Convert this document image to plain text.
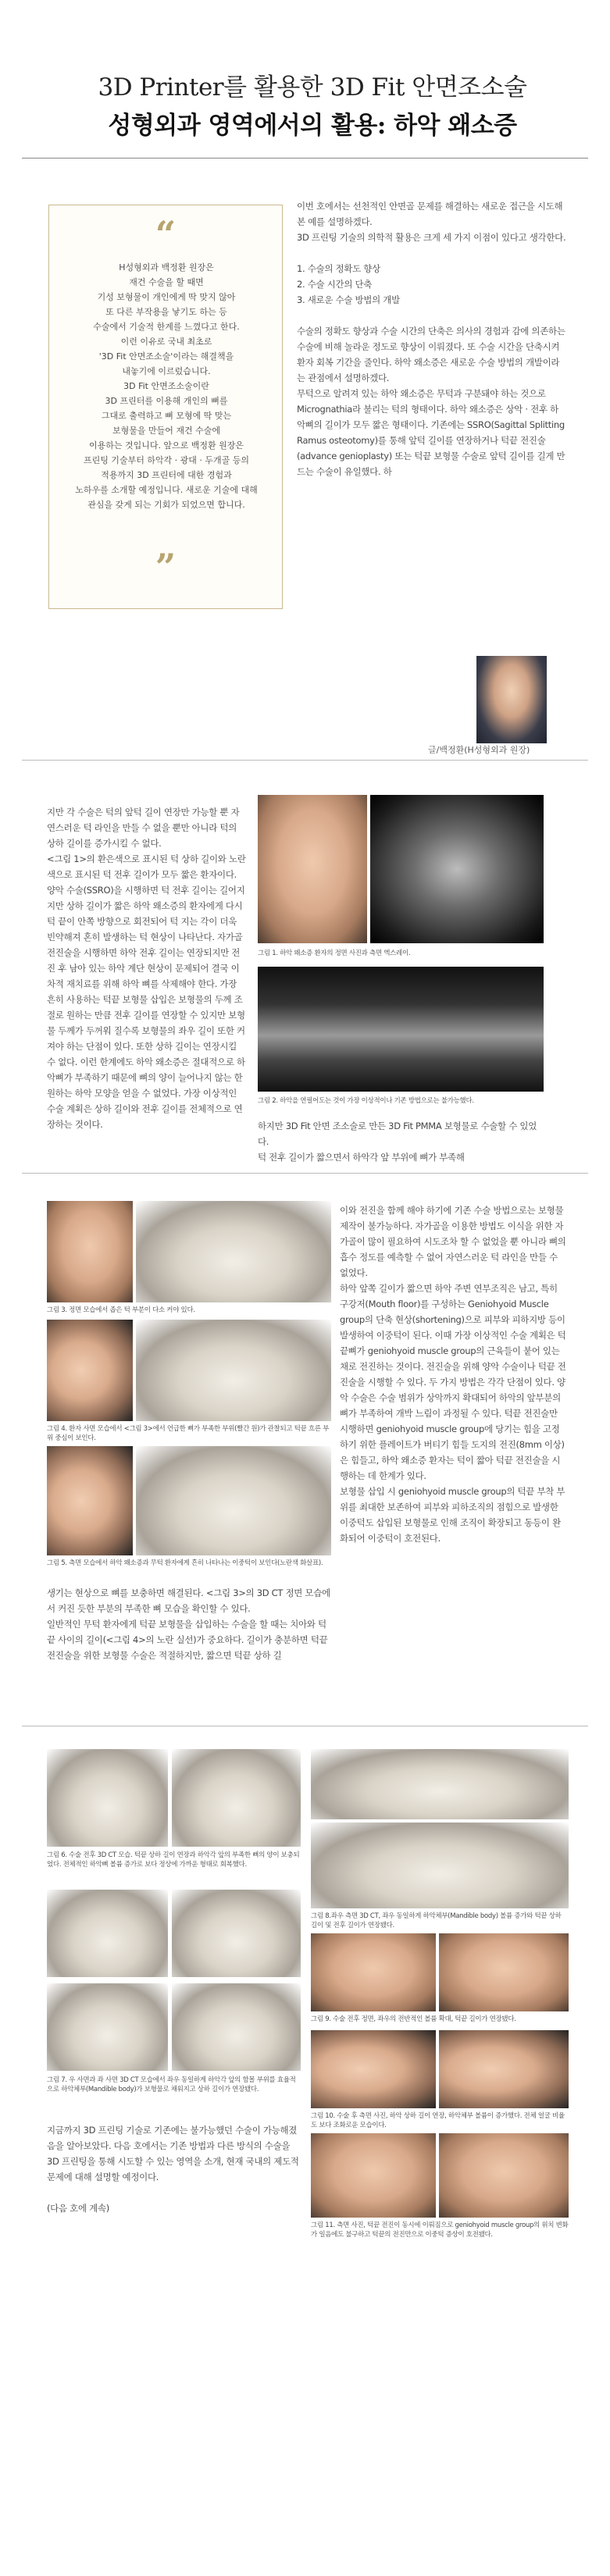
3D Printer를 활용한 3D Fit 안면조소술
성형외과 영역에서의 활용: 하악 왜소증
“
H성형외과 백정환 원장은
재건 수술을 할 때면
기성 보형물이 개인에게 딱 맞지 않아
또 다른 부작용을 낳기도 하는 등
수술에서 기술적 한계를 느꼈다고 한다.
이런 이유로 국내 최초로
'3D Fit 안면조소술'이라는 해결책을
내놓기에 이르렀습니다.
3D Fit 안면조소술이란
3D 프린터를 이용해 개인의 뼈를
그대로 출력하고 뼈 모형에 딱 맞는
보형물을 만들어 재건 수술에
이용하는 것입니다. 앞으로 백정환 원장은
프린팅 기술부터 하악각 · 광대 · 두개골 등의
적용까지 3D 프린터에 대한 경험과
노하우를 소개할 예정입니다. 새로운 기술에 대해
관심을 갖게 되는 기회가 되었으면 합니다.
”

이번 호에서는 선천적인 안면골 문제를 해결하는 새로운 접근을 시도해 본 예를 설명하겠다.

3D 프린팅 기술의 의학적 활용은 크게 세 가지 이점이 있다고 생각한다.

1. 수술의 정확도 향상
2. 수술 시간의 단축
3. 새로운 수술 방법의 개발

수술의 정확도 향상과 수술 시간의 단축은 의사의 경험과 감에 의존하는 수술에 비해 놀라운 정도로 향상이 이뤄졌다. 또 수술 시간을 단축시켜 환자 회복 기간을 줄인다. 하악 왜소증은 새로운 수술 방법의 개발이라는 관점에서 설명하겠다.

무턱으로 알려져 있는 하악 왜소증은 무턱과 구분돼야 하는 것으로 Micrognathia라 불리는 턱의 형태이다. 하악 왜소증은 상악 · 전후 하악뼈의 길이가 모두 짧은 형태이다. 기존에는 SSRO(Sagittal Splitting Ramus osteotomy)를 통해 앞턱 길이를 연장하거나 턱끝 전진술(advance genioplasty) 또는 턱끝 보형물 수술로 앞턱 길이를 길게 만드는 수술이 유일했다. 하

글/백정환(H성형외과 원장)

지만 각 수술은 턱의 앞턱 길이 연장만 가능할 뿐 자연스러운 턱 라인을 만들 수 없을 뿐만 아니라 턱의 상하 길이를 증가시킬 수 없다.

<그림 1>의 환은색으로 표시된 턱 상하 길이와 노란색으로 표시된 턱 전후 길이가 모두 짧은 환자이다. 양악 수술(SSRO)을 시행하면 턱 전후 길이는 길어지지만 상하 길이가 짧은 하악 왜소증의 환자에게 다시 턱 끝이 안쪽 방향으로 회전되어 턱 지는 각이 더욱 빈약해져 혼히 발생하는 턱 현상이 나타난다. 자가골 전진술을 시행하면 하악 전후 길이는 연장되지만 전진 후 남아 있는 하악 계단 현상이 문제되어 결국 이차적 재치료를 위해 하악 뼈를 삭제해야 한다. 가장 흔히 사용하는 턱끝 보형물 삽입은 보형물의 두께 조절로 원하는 만큼 전후 길이를 연장할 수 있지만 보형물 두께가 두꺼워 질수록 보형물의 좌우 길이 또한 커져야 하는 단점이 있다. 또한 상하 길이는 연장시킬 수 없다. 이런 한계에도 하악 왜소증은 절대적으로 하악뼈가 부족하기 때문에 뼈의 양이 늘어나지 않는 한 원하는 하악 모양을 얻을 수 없었다. 가장 이상적인 수술 계획은 상하 길이와 전후 길이를 전체적으로 연장하는 것이다.

그림 1. 하악 왜소증 환자의 정면 사진과 측면 엑스레이.
그림 2. 하악을 연필어도는 것이 가장 이상적이나 기존 방법으로는 불가능했다.

하지만 3D Fit 안면 조소술로 만든 3D Fit PMMA 보형물로 수술할 수 있었다.

턱 전후 길이가 짧으면서 하악각 앞 부위에 뼈가 부족해

그림 3. 정면 모습에서 좁은 턱 부분이 다소 커야 있다.
그림 4. 환자 사면 모습에서 <그림 3>에서 언급한 뼈가 부족한 부위(빨간 원)가 관찰되고 턱끝 흐른 부위 중심이 보인다.
그림 5. 측면 모습에서 하악 왜소증과 무턱 환자에게 흔히 나타나는 이중턱이 보인다(노란색 화살표).

생기는 현상으로 뼈를 보충하면 해결된다. <그림 3>의 3D CT 정면 모습에서 커진 듯한 부분의 부족한 뼈 모습을 확인할 수 있다.

일반적인 무턱 환자에게 턱끝 보형물을 삽입하는 수술을 할 때는 치아와 턱끝 사이의 길이(<그림 4>의 노란 실선)가 중요하다. 길이가 충분하면 턱끝 전진술을 위한 보형물 수술은 적절하지만, 짧으면 턱끝 상하 길

이와 전진을 함께 해야 하기에 기존 수술 방법으로는 보형물 제작이 불가능하다. 자가골을 이용한 방법도 이식을 위한 자가골이 많이 필요하여 시도조차 할 수 없었을 뿐 아니라 뼈의 흡수 정도를 예측할 수 없어 자연스러운 턱 라인을 만들 수 없었다.

하악 앞쪽 길이가 짧으면 하악 주변 연부조직은 남고, 특히 구강저(Mouth floor)를 구성하는 Geniohyoid Muscle group의 단축 현상(shortening)으로 피부와 피하지방 등이 발생하여 이중턱이 된다. 이때 가장 이상적인 수술 계획은 턱끝뼈가 geniohyoid muscle group의 근육들이 붙어 있는 채로 전진하는 것이다. 전진술을 위해 양악 수술이나 턱끝 전진술을 시행할 수 있다. 두 가지 방법은 각각 단점이 있다. 양악 수술은 수술 범위가 상악까지 확대되어 하악의 앞부분의 뼈가 부족하여 개박 느림이 과정될 수 있다. 턱끝 전진술만 시행하면 geniohyoid muscle group에 당기는 힘을 고정하기 위한 플레이트가 버티기 힘들 도지의 전진(8mm 이상)은 힘들고, 하악 왜소증 환자는 턱이 짧아 턱끝 전진술을 시행하는 데 한계가 있다.

보형물 삽입 시 geniohyoid muscle group의 턱끝 부착 부위를 최대한 보존하여 피부와 피하조직의 점힘으로 발생한 이중턱도 삽입된 보형물로 인해 조직이 확장되고 동등이 완화되어 이중턱이 호전된다.

그림 6. 수술 전후 3D CT 모습. 턱끝 상하 길이 연장과 하악각 앞의 부족한 뼈의 양이 보충되었다. 전체적인 하악뼈 볼륨 증가로 보다 정상에 가까운 형태로 회복했다.
그림 7. 우 사면과 좌 사면 3D CT 모습에서 좌우 동일하게 하악각 앞의 함몰 부위를 효율적으로 하악체부(Mandible body)가 보형물로 채워지고 상하 길이가 연장됐다.
그림 8.좌우 측면 3D CT, 좌우 동일하게 하악체부(Mandible body) 볼륨 증가와 턱끝 상하 길이 및 전후 길이가 연장됐다.
그림 9. 수술 전후 정면, 좌우의 전반적인 볼륨 확대, 턱끝 길이가 연장됐다.
그림 10. 수술 후 측면 사진, 하악 상하 길이 연장, 하악체부 볼륨이 증가했다. 전체 얼굴 비율도 보다 조화로운 모습이다.
그림 11. 측면 사진, 턱끝 전진이 동시에 이뤄짐으로 geniohyoid muscle group의 위치 변화가 일음에도 불구하고 턱끝의 전진만으로 이중턱 증상이 호전됐다.

지금까지 3D 프린팅 기술로 기존에는 불가능했던 수술이 가능해졌음을 알아보았다. 다음 호에서는 기존 방법과 다른 방식의 수술을 3D 프린팅을 통해 시도할 수 있는 영역을 소개, 현재 국내의 제도적 문제에 대해 설명할 예정이다.

(다음 호에 계속)
